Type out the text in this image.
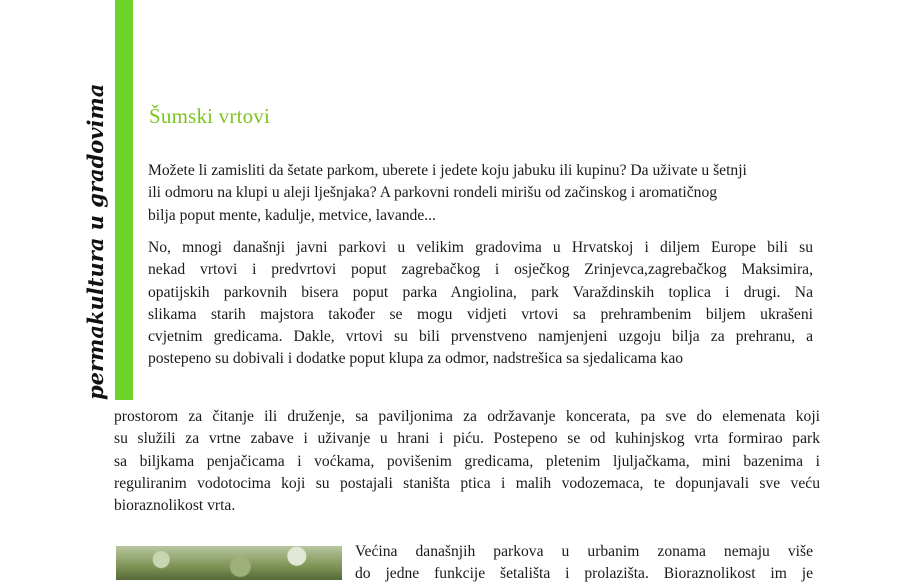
permakultura u gradovima Šumski vrtovi

Možete li zamisliti da šetate parkom, uberete i jedete koju jabuku ili kupinu? Da uživate u šetnji
ili odmoru na klupi u aleji lješnjaka? A parkovni rondeli mirišu od začinskog i aromatičnog
bilja poput mente, kadulje, metvice, lavande...

No, mnogi današnji javni parkovi u velikim gradovima u Hrvatskoj i diljem Europe bili su
nekad vrtovi i predvrtovi poput zagrebačkog i osječkog Zrinjevca,zagrebačkog Maksimira,
opatijskih parkovnih bisera poput parka Angiolina, park Varaždinskih toplica i drugi. Na
slikama starih majstora također se mogu vidjeti vrtovi sa prehrambenim biljem ukrašeni
cvjetnim gredicama. Dakle, vrtovi su bili prvenstveno namjenjeni uzgoju bilja za prehranu, a
postepeno su dobivali i dodatke poput klupa za odmor, nadstrešica sa sjedalicama kao

prostorom za čitanje ili druženje, sa paviljonima za održavanje koncerata, pa sve do elemenata koji
su služili za vrtne zabave i uživanje u hrani i piću. Postepeno se od kuhinjskog vrta formirao park
sa biljkama penjačicama i voćkama, povišenim gredicama, pletenim ljuljačkama, mini bazenima i
reguliranim vodotocima koji su postajali staništa ptica i malih vodozemaca, te dopunjavali sve veću
bioraznolikost vrta.

Većina današnjih parkova u urbanim zonama nemaju više
do jedne funkcije šetališta i prolazišta. Bioraznolikost im je
